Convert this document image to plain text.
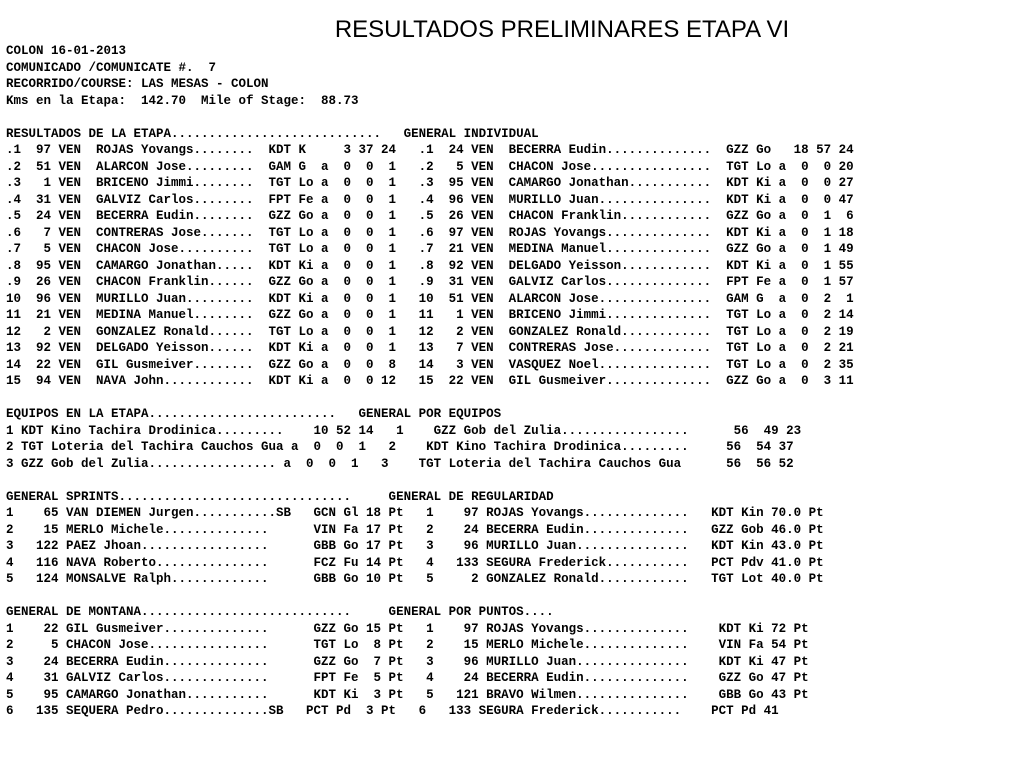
RESULTADOS PRELIMINARES ETAPA VI
COLON 16-01-2013
COMUNICADO /COMUNICATE #.  7
RECORRIDO/COURSE: LAS MESAS - COLON
Kms en la Etapa:  142.70  Mile of Stage:  88.73
RESULTADOS DE LA ETAPA............................   GENERAL INDIVIDUAL
.1  97 VEN  ROJAS Yovangs........  KDT K     3 37 24   .1  24 VEN  BECERRA Eudin..............  GZZ Go   18 57 24
.2  51 VEN  ALARCON Jose.........  GAM G  a  0  0  1   .2   5 VEN  CHACON Jose................  TGT Lo a  0  0 20
.3   1 VEN  BRICENO Jimmi........  TGT Lo a  0  0  1   .3  95 VEN  CAMARGO Jonathan...........  KDT Ki a  0  0 27
.4  31 VEN  GALVIZ Carlos........  FPT Fe a  0  0  1   .4  96 VEN  MURILLO Juan...............  KDT Ki a  0  0 47
.5  24 VEN  BECERRA Eudin........  GZZ Go a  0  0  1   .5  26 VEN  CHACON Franklin............  GZZ Go a  0  1  6
.6   7 VEN  CONTRERAS Jose.......  TGT Lo a  0  0  1   .6  97 VEN  ROJAS Yovangs..............  KDT Ki a  0  1 18
.7   5 VEN  CHACON Jose..........  TGT Lo a  0  0  1   .7  21 VEN  MEDINA Manuel..............  GZZ Go a  0  1 49
.8  95 VEN  CAMARGO Jonathan.....  KDT Ki a  0  0  1   .8  92 VEN  DELGADO Yeisson............  KDT Ki a  0  1 55
.9  26 VEN  CHACON Franklin......  GZZ Go a  0  0  1   .9  31 VEN  GALVIZ Carlos..............  FPT Fe a  0  1 57
10  96 VEN  MURILLO Juan.........  KDT Ki a  0  0  1   10  51 VEN  ALARCON Jose...............  GAM G  a  0  2  1
11  21 VEN  MEDINA Manuel........  GZZ Go a  0  0  1   11   1 VEN  BRICENO Jimmi..............  TGT Lo a  0  2 14
12   2 VEN  GONZALEZ Ronald......  TGT Lo a  0  0  1   12   2 VEN  GONZALEZ Ronald............  TGT Lo a  0  2 19
13  92 VEN  DELGADO Yeisson......  KDT Ki a  0  0  1   13   7 VEN  CONTRERAS Jose.............  TGT Lo a  0  2 21
14  22 VEN  GIL Gusmeiver........  GZZ Go a  0  0  8   14   3 VEN  VASQUEZ Noel...............  TGT Lo a  0  2 35
15  94 VEN  NAVA John............  KDT Ki a  0  0 12   15  22 VEN  GIL Gusmeiver..............  GZZ Go a  0  3 11
EQUIPOS EN LA ETAPA.........................   GENERAL POR EQUIPOS
1 KDT Kino Tachira Drodinica.........    10 52 14   1    GZZ Gob del Zulia.................      56  49 23
2 TGT Loteria del Tachira Cauchos Gua a  0  0  1   2    KDT Kino Tachira Drodinica.........     56  54 37
3 GZZ Gob del Zulia................. a  0  0  1   3    TGT Loteria del Tachira Cauchos Gua      56  56 52
GENERAL SPRINTS...............................     GENERAL DE REGULARIDAD
1    65 VAN DIEMEN Jurgen...........SB   GCN Gl 18 Pt   1    97 ROJAS Yovangs..............   KDT Kin 70.0 Pt
2    15 MERLO Michele..............      VIN Fa 17 Pt   2    24 BECERRA Eudin..............   GZZ Gob 46.0 Pt
3   122 PAEZ Jhoan.................      GBB Go 17 Pt   3    96 MURILLO Juan...............   KDT Kin 43.0 Pt
4   116 NAVA Roberto...............      FCZ Fu 14 Pt   4   133 SEGURA Frederick...........   PCT Pdv 41.0 Pt
5   124 MONSALVE Ralph.............      GBB Go 10 Pt   5     2 GONZALEZ Ronald............   TGT Lot 40.0 Pt
GENERAL DE MONTANA............................     GENERAL POR PUNTOS....
1    22 GIL Gusmeiver..............      GZZ Go 15 Pt   1    97 ROJAS Yovangs..............    KDT Ki 72 Pt
2     5 CHACON Jose................      TGT Lo  8 Pt   2    15 MERLO Michele..............    VIN Fa 54 Pt
3    24 BECERRA Eudin..............      GZZ Go  7 Pt   3    96 MURILLO Juan...............    KDT Ki 47 Pt
4    31 GALVIZ Carlos..............      FPT Fe  5 Pt   4    24 BECERRA Eudin..............    GZZ Go 47 Pt
5    95 CAMARGO Jonathan...........      KDT Ki  3 Pt   5   121 BRAVO Wilmen...............    GBB Go 43 Pt
6   135 SEQUERA Pedro..............SB   PCT Pd  3 Pt   6   133 SEGURA Frederick...........    PCT Pd 41
